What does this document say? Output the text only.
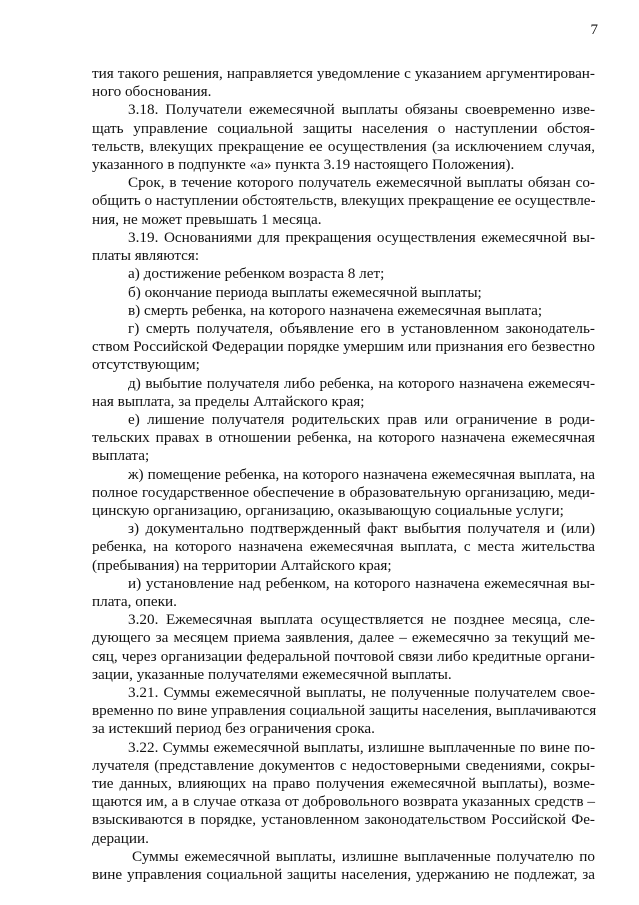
7
тия такого решения, направляется уведомление с указанием аргументирован-
ного обоснования.
3.18. Получатели ежемесячной выплаты обязаны своевременно изве-
щать управление социальной защиты населения о наступлении обстоя-
тельств, влекущих прекращение ее осуществления (за исключением случая,
указанного в подпункте «а» пункта 3.19 настоящего Положения).
Срок, в течение которого получатель ежемесячной выплаты обязан со-
общить о наступлении обстоятельств, влекущих прекращение ее осуществле-
ния, не может превышать 1 месяца.
3.19. Основаниями для прекращения осуществления ежемесячной вы-
платы являются:
а) достижение ребенком возраста 8 лет;
б) окончание периода выплаты ежемесячной выплаты;
в) смерть ребенка, на которого назначена ежемесячная выплата;
г) смерть получателя, объявление его в установленном законодатель-
ством Российской Федерации порядке умершим или признания его безвестно
отсутствующим;
д) выбытие получателя либо ребенка, на которого назначена ежемесяч-
ная выплата, за пределы Алтайского края;
е) лишение получателя родительских прав или ограничение в роди-
тельских правах в отношении ребенка, на которого назначена ежемесячная
выплата;
ж) помещение ребенка, на которого назначена ежемесячная выплата, на
полное государственное обеспечение в образовательную организацию, меди-
цинскую организацию, организацию, оказывающую социальные услуги;
з) документально подтвержденный факт выбытия получателя и (или)
ребенка, на которого назначена ежемесячная выплата, с места жительства
(пребывания) на территории Алтайского края;
и) установление над ребенком, на которого назначена ежемесячная вы-
плата, опеки.
3.20. Ежемесячная выплата осуществляется не позднее месяца, сле-
дующего за месяцем приема заявления, далее – ежемесячно за текущий ме-
сяц, через организации федеральной почтовой связи либо кредитные органи-
зации, указанные получателями ежемесячной выплаты.
3.21. Суммы ежемесячной выплаты, не полученные получателем свое-
временно по вине управления социальной защиты населения, выплачиваются
за истекший период без ограничения срока.
3.22. Суммы ежемесячной выплаты, излишне выплаченные по вине по-
лучателя (представление документов с недостоверными сведениями, сокры-
тие данных, влияющих на право получения ежемесячной выплаты), возме-
щаются им, а в случае отказа от добровольного возврата указанных средств –
взыскиваются в порядке, установленном законодательством Российской Фе-
дерации.
Суммы ежемесячной выплаты, излишне выплаченные получателю по
вине управления социальной защиты населения, удержанию не подлежат, за
